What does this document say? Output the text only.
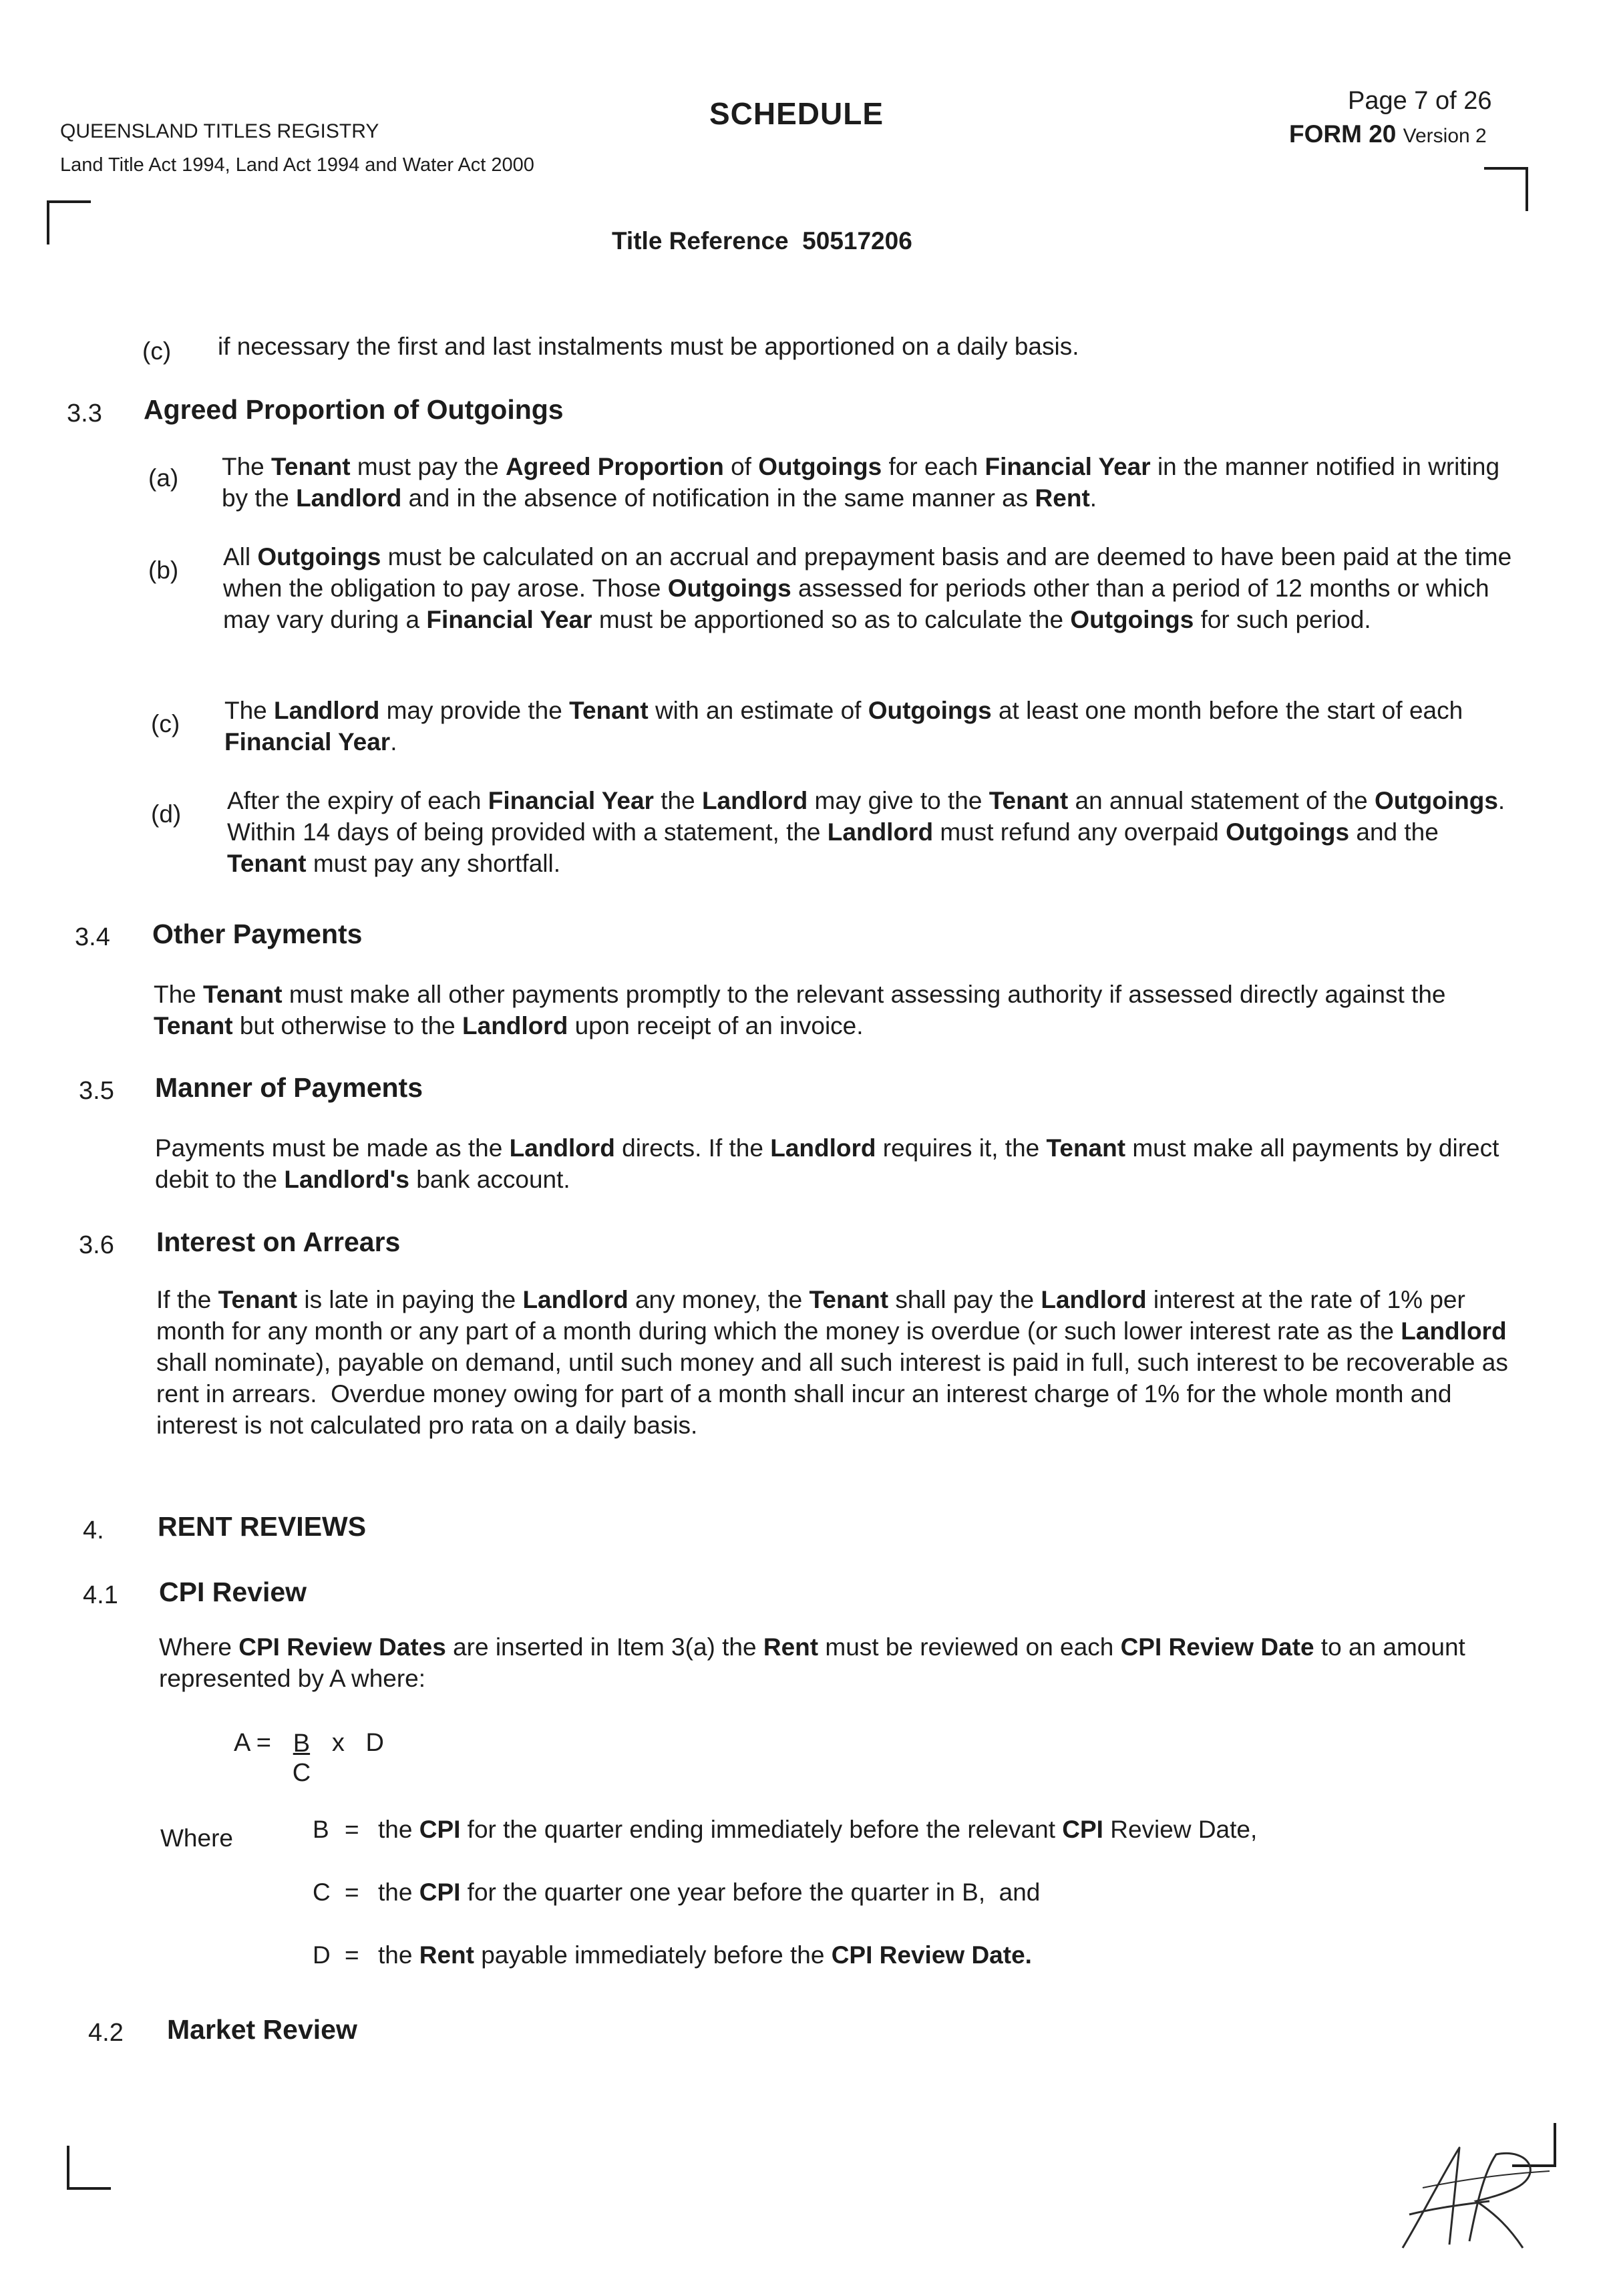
QUEENSLAND TITLES REGISTRY
Land Title Act 1994, Land Act 1994 and Water Act 2000
SCHEDULE	Page 7 of 26
FORM 20 Version 2
Title Reference 50517206
(c) if necessary the first and last instalments must be apportioned on a daily basis.
3.3 Agreed Proportion of Outgoings
(a) The Tenant must pay the Agreed Proportion of Outgoings for each Financial Year in the manner notified in writing by the Landlord and in the absence of notification in the same manner as Rent.
(b) All Outgoings must be calculated on an accrual and prepayment basis and are deemed to have been paid at the time when the obligation to pay arose. Those Outgoings assessed for periods other than a period of 12 months or which may vary during a Financial Year must be apportioned so as to calculate the Outgoings for such period.
(c) The Landlord may provide the Tenant with an estimate of Outgoings at least one month before the start of each Financial Year.
(d) After the expiry of each Financial Year the Landlord may give to the Tenant an annual statement of the Outgoings. Within 14 days of being provided with a statement, the Landlord must refund any overpaid Outgoings and the Tenant must pay any shortfall.
3.4 Other Payments
The Tenant must make all other payments promptly to the relevant assessing authority if assessed directly against the Tenant but otherwise to the Landlord upon receipt of an invoice.
3.5 Manner of Payments
Payments must be made as the Landlord directs. If the Landlord requires it, the Tenant must make all payments by direct debit to the Landlord's bank account.
3.6 Interest on Arrears
If the Tenant is late in paying the Landlord any money, the Tenant shall pay the Landlord interest at the rate of 1% per month for any month or any part of a month during which the money is overdue (or such lower interest rate as the Landlord shall nominate), payable on demand, until such money and all such interest is paid in full, such interest to be recoverable as rent in arrears.  Overdue money owing for part of a month shall incur an interest charge of 1% for the whole month and interest is not calculated pro rata on a daily basis.
4. RENT REVIEWS
4.1 CPI Review
Where CPI Review Dates are inserted in Item 3(a) the Rent must be reviewed on each CPI Review Date to an amount represented by A where:
$A = \frac{B}{C}$ x D
Where	B	=	the CPI for the quarter ending immediately before the relevant CPI Review Date,
C	=	the CPI for the quarter one year before the quarter in B,  and
D	=	the Rent payable immediately before the CPI Review Date.
4.2 Market Review
